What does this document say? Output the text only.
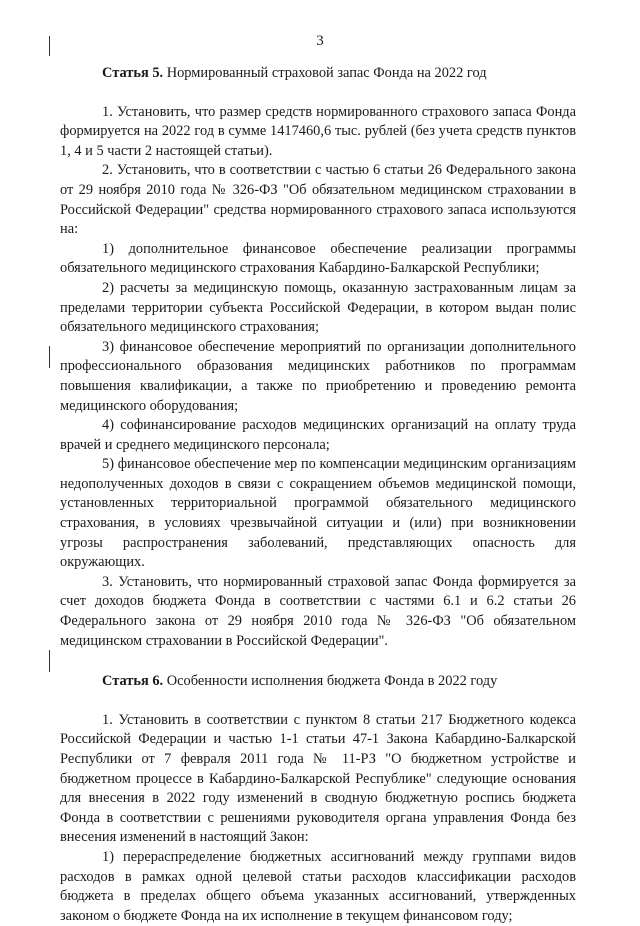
3

Статья 5. Нормированный страховой запас Фонда на 2022 год

1. Установить, что размер средств нормированного страхового запаса Фонда формируется на 2022 год в сумме 1417460,6 тыс. рублей (без учета средств пунктов 1, 4 и 5 части 2 настоящей статьи).

2. Установить, что в соответствии с частью 6 статьи 26 Федерального закона от 29 ноября 2010 года № 326-ФЗ "Об обязательном медицинском страховании в Российской Федерации" средства нормированного страхового запаса используются на:

1) дополнительное финансовое обеспечение реализации программы обязательного медицинского страхования Кабардино-Балкарской Республики;

2) расчеты за медицинскую помощь, оказанную застрахованным лицам за пределами территории субъекта Российской Федерации, в котором выдан полис обязательного медицинского страхования;

3) финансовое обеспечение мероприятий по организации дополнительного профессионального образования медицинских работников по программам повышения квалификации, а также по приобретению и проведению ремонта медицинского оборудования;

4) софинансирование расходов медицинских организаций на оплату труда врачей и среднего медицинского персонала;

5) финансовое обеспечение мер по компенсации медицинским организациям недополученных доходов в связи с сокращением объемов медицинской помощи, установленных территориальной программой обязательного медицинского страхования, в условиях чрезвычайной ситуации и (или) при возникновении угрозы распространения заболеваний, представляющих опасность для окружающих.

3. Установить, что нормированный страховой запас Фонда формируется за счет доходов бюджета Фонда в соответствии с частями 6.1 и 6.2 статьи 26 Федерального закона от 29 ноября 2010 года № 326-ФЗ "Об обязательном медицинском страховании в Российской Федерации".

Статья 6. Особенности исполнения бюджета Фонда в 2022 году

1. Установить в соответствии с пунктом 8 статьи 217 Бюджетного кодекса Российской Федерации и частью 1-1 статьи 47-1 Закона Кабардино-Балкарской Республики от 7 февраля 2011 года № 11-РЗ "О бюджетном устройстве и бюджетном процессе в Кабардино-Балкарской Республике" следующие основания для внесения в 2022 году изменений в сводную бюджетную роспись бюджета Фонда в соответствии с решениями руководителя органа управления Фонда без внесения изменений в настоящий Закон:

1) перераспределение бюджетных ассигнований между группами видов расходов в рамках одной целевой статьи расходов классификации расходов бюджета в пределах общего объема указанных ассигнований, утвержденных законом о бюджете Фонда на их исполнение в текущем финансовом году;
